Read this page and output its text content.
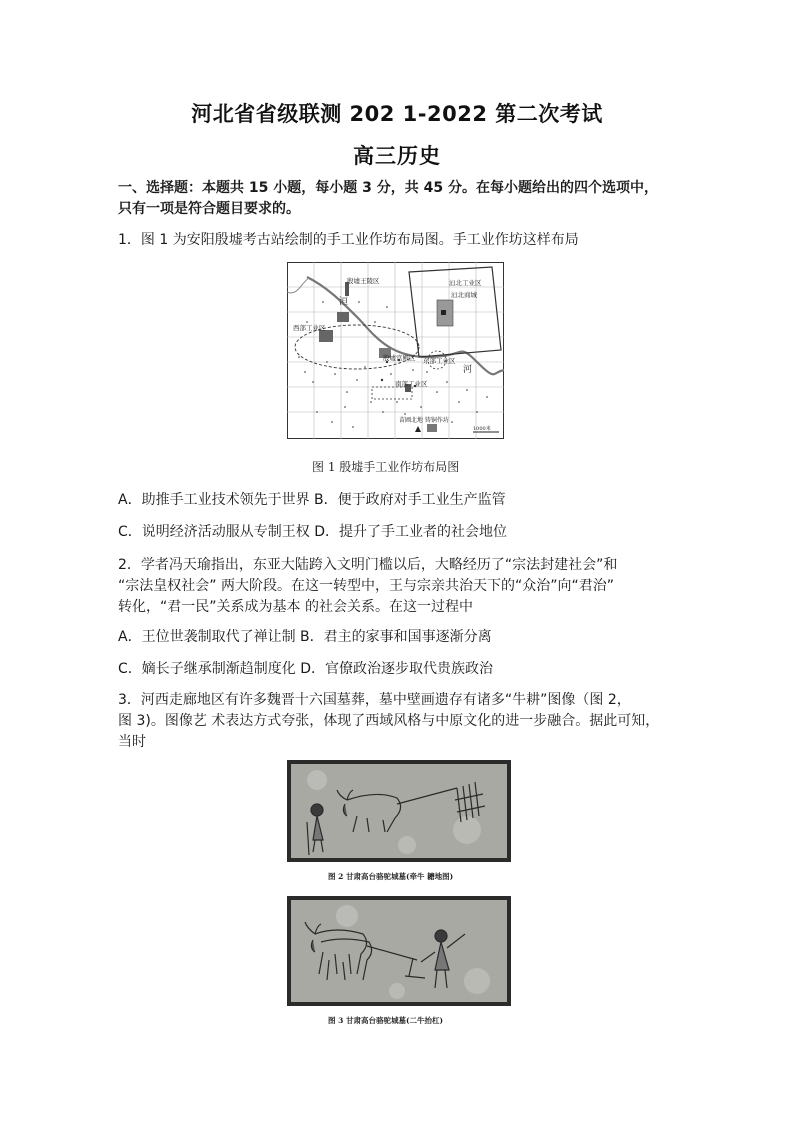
河北省省级联测 202 1-2022 第二次考试
高三历史
一、选择题：本题共 15 小题，每小题 3 分，共 45 分。在每小题给出的四个选项中，
只有一项是符合题目要求的。
1．图 1 为安阳殷墟考古站绘制的手工业作坊布局图。手工业作坊这样布局
殷墟王陵区
洹
河
西部工业区
殷墟宫殿区 东部工业区
南部工业区
洹北工业区
洹北商城
苗圃北地 铸铜作坊
1000米
图 1 殷墟手工业作坊布局图
A．助推手工业技术领先于世界 B．便于政府对手工业生产监管
C．说明经济活动服从专制王权 D．提升了手工业者的社会地位
2．学者冯天瑜指出，东亚大陆跨入文明门槛以后，大略经历了“宗法封建社会”和
“宗法皇权社会” 两大阶段。在这一转型中，王与宗亲共治天下的“众治”向“君治”
转化，“君一民”关系成为基本 的社会关系。在这一过程中
A．王位世袭制取代了禅让制 B．君主的家事和国事逐渐分离
C．嫡长子继承制渐趋制度化 D．官僚政治逐步取代贵族政治
3．河西走廊地区有许多魏晋十六国墓葬，墓中壁画遗存有诸多“牛耕”图像（图 2，
图 3)。图像艺 术表达方式夸张，体现了西域风格与中原文化的进一步融合。据此可知，
当时
图 2 甘肃高台骆驼城墓(牵牛 耱地图)
图 3 甘肃高台骆驼城墓(二牛抬杠)
